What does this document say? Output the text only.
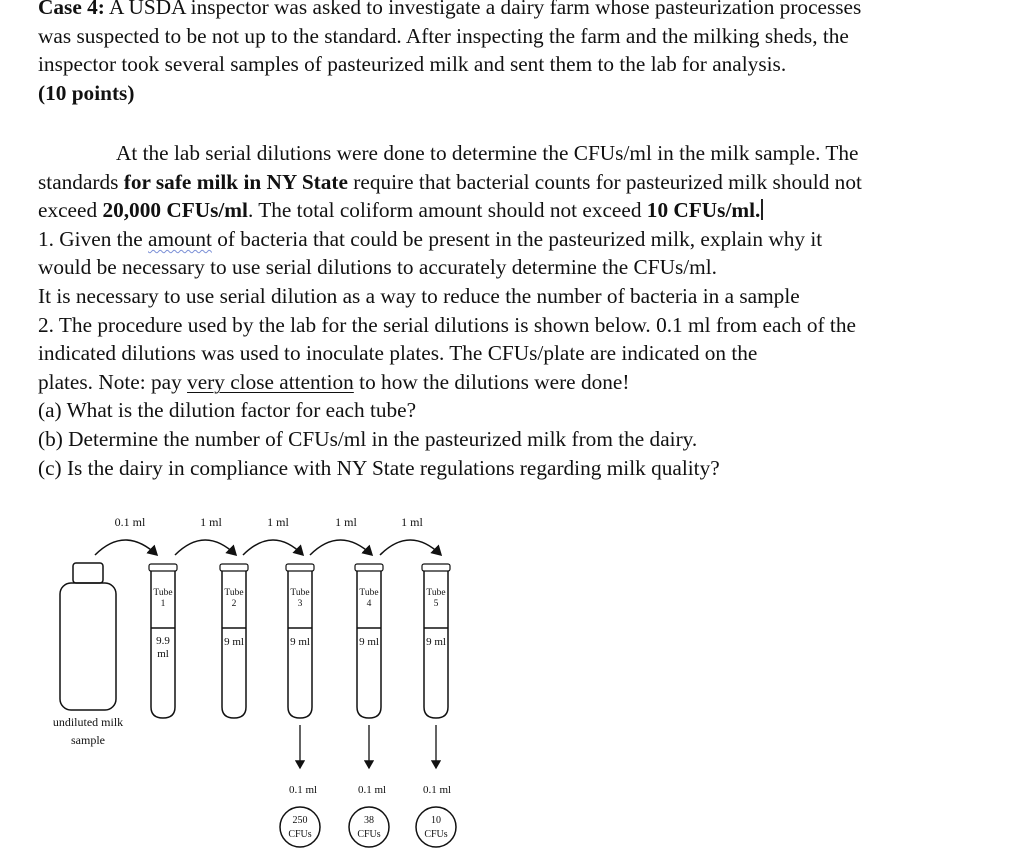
Case 4: A USDA inspector was asked to investigate a dairy farm whose pasteurization processes
was suspected to be not up to the standard. After inspecting the farm and the milking sheds, the
inspector took several samples of pasteurized milk and sent them to the lab for analysis.
(10 points)
At the lab serial dilutions were done to determine the CFUs/ml in the milk sample. The
standards for safe milk in NY State require that bacterial counts for pasteurized milk should not
exceed 20,000 CFUs/ml. The total coliform amount should not exceed 10 CFUs/ml.
1. Given the amount of bacteria that could be present in the pasteurized milk, explain why it
would be necessary to use serial dilutions to accurately determine the CFUs/ml.
It is necessary to use serial dilution as a way to reduce the number of bacteria in a sample
2. The procedure used by the lab for the serial dilutions is shown below. 0.1 ml from each of the
indicated dilutions was used to inoculate plates. The CFUs/plate are indicated on the
plates. Note: pay very close attention to how the dilutions were done!
(a) What is the dilution factor for each tube?
(b) Determine the number of CFUs/ml in the pasteurized milk from the dairy.
(c) Is the dairy in compliance with NY State regulations regarding milk quality?
0.1 ml	1 ml	1 ml	1 ml	1 ml
undiluted milk
sample
Tube
1
Tube
2
Tube
3
Tube
4
Tube
5
9.9
ml
9 ml	9 ml	9 ml	9 ml
0.1 ml	0.1 ml	0.1 ml
250
CFUs
38
CFUs
10
CFUs
